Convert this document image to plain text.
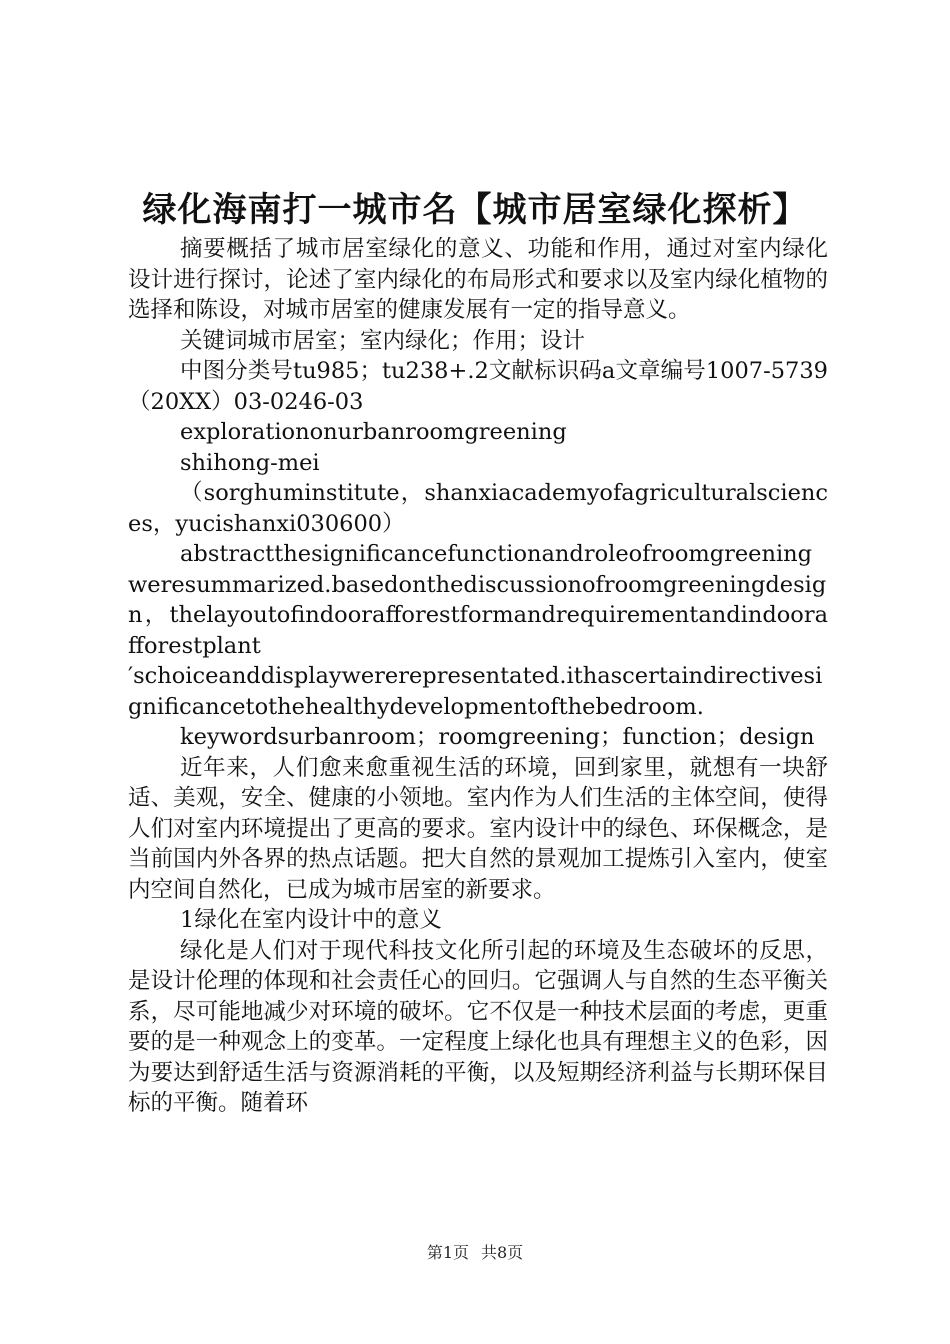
绿化海南打一城市名【城市居室绿化探析】

摘要概括了城市居室绿化的意义、功能和作用，通过对室内绿化设计进行探讨，论述了室内绿化的布局形式和要求以及室内绿化植物的选择和陈设，对城市居室的健康发展有一定的指导意义。

关键词城市居室；室内绿化；作用；设计

中图分类号tu985；tu238+.2文献标识码a文章编号1007-5739（20XX）03-0246-03

explorationonurbanroomgreening

shihong-mei

（sorghuminstitute，shanxiacademyofagriculturalsciences，yucishanxi030600）

abstractthesignificancefunctionandroleofroomgreeningweresummarized.basedonthediscussionofroomgreeningdesign，thelayoutofindoorafforestformandrequirementandindoorafforestplant

′schoiceanddisplaywererepresentated.ithascertaindirectivesignificancetothehealthydevelopmentofthebedroom.

keywordsurbanroom；roomgreening；function；design

近年来，人们愈来愈重视生活的环境，回到家里，就想有一块舒适、美观，安全、健康的小领地。室内作为人们生活的主体空间，使得人们对室内环境提出了更高的要求。室内设计中的绿色、环保概念，是当前国内外各界的热点话题。把大自然的景观加工提炼引入室内，使室内空间自然化，已成为城市居室的新要求。

1绿化在室内设计中的意义

绿化是人们对于现代科技文化所引起的环境及生态破坏的反思，是设计伦理的体现和社会责任心的回归。它强调人与自然的生态平衡关系，尽可能地减少对环境的破坏。它不仅是一种技术层面的考虑，更重要的是一种观念上的变革。一定程度上绿化也具有理想主义的色彩，因为要达到舒适生活与资源消耗的平衡，以及短期经济利益与长期环保目标的平衡。随着环

第1页 共8页
